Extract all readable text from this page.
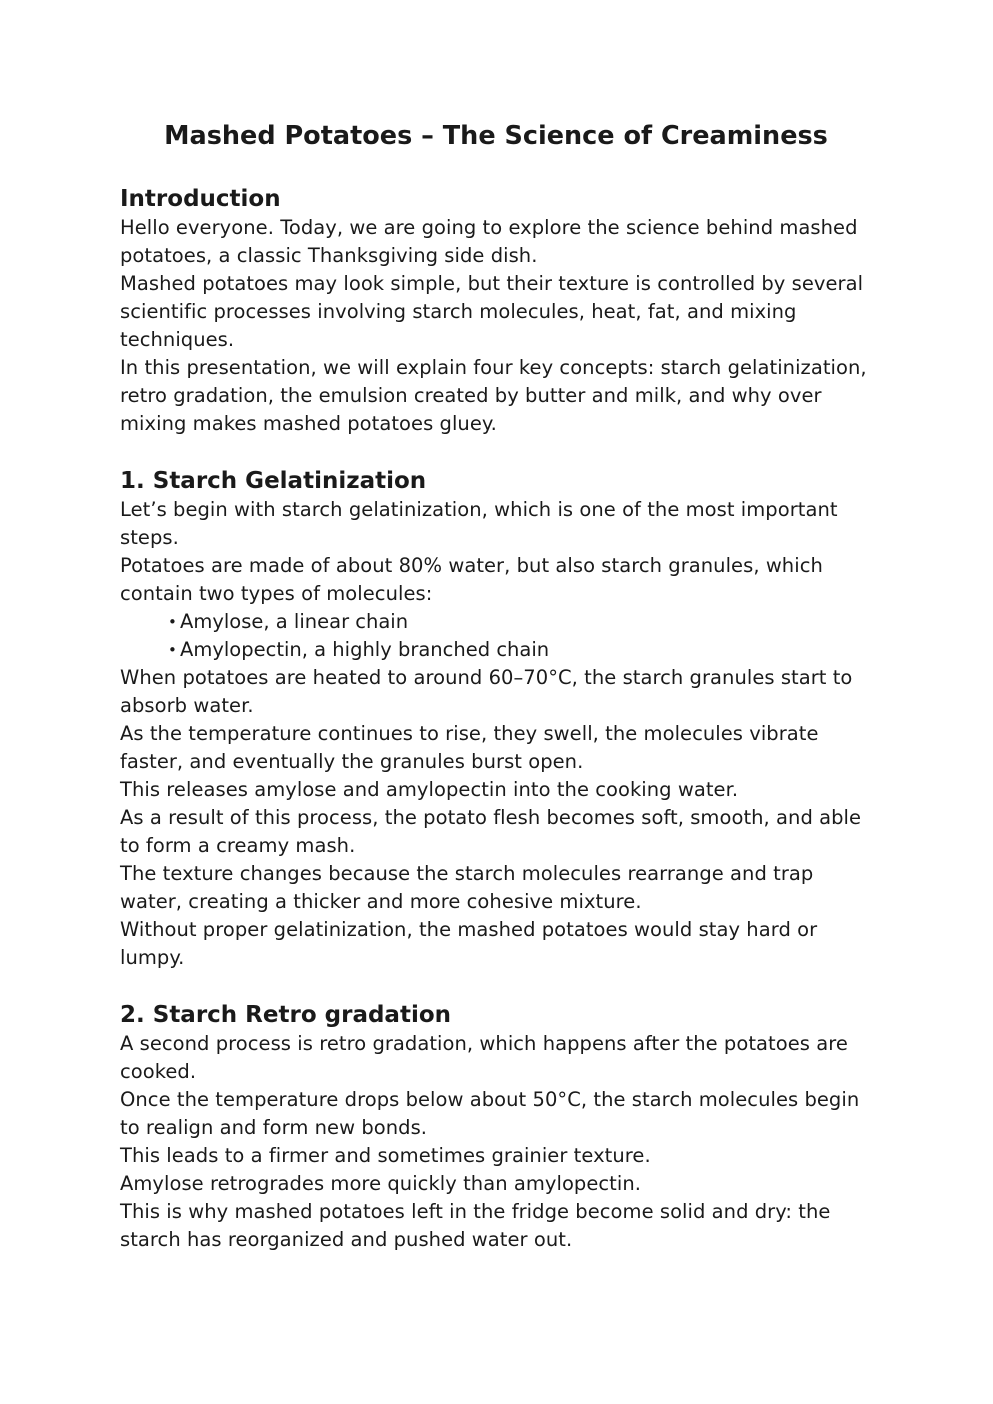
Mashed Potatoes – The Science of Creaminess
Introduction

Hello everyone. Today, we are going to explore the science behind mashed potatoes, a classic Thanksgiving side dish.

Mashed potatoes may look simple, but their texture is controlled by several scientific processes involving starch molecules, heat, fat, and mixing techniques.

In this presentation, we will explain four key concepts: starch gelatinization, retro gradation, the emulsion created by butter and milk, and why over mixing makes mashed potatoes gluey.

1. Starch Gelatinization

Let’s begin with starch gelatinization, which is one of the most important steps.

Potatoes are made of about 80% water, but also starch granules, which contain two types of molecules:

• Amylose, a linear chain
• Amylopectin, a highly branched chain

When potatoes are heated to around 60–70°C, the starch granules start to absorb water.

As the temperature continues to rise, they swell, the molecules vibrate faster, and eventually the granules burst open.

This releases amylose and amylopectin into the cooking water.

As a result of this process, the potato flesh becomes soft, smooth, and able to form a creamy mash.

The texture changes because the starch molecules rearrange and trap water, creating a thicker and more cohesive mixture.

Without proper gelatinization, the mashed potatoes would stay hard or lumpy.

2. Starch Retro gradation

A second process is retro gradation, which happens after the potatoes are cooked.

Once the temperature drops below about 50°C, the starch molecules begin to realign and form new bonds.

This leads to a firmer and sometimes grainier texture.

Amylose retrogrades more quickly than amylopectin.

This is why mashed potatoes left in the fridge become solid and dry: the starch has reorganized and pushed water out.
